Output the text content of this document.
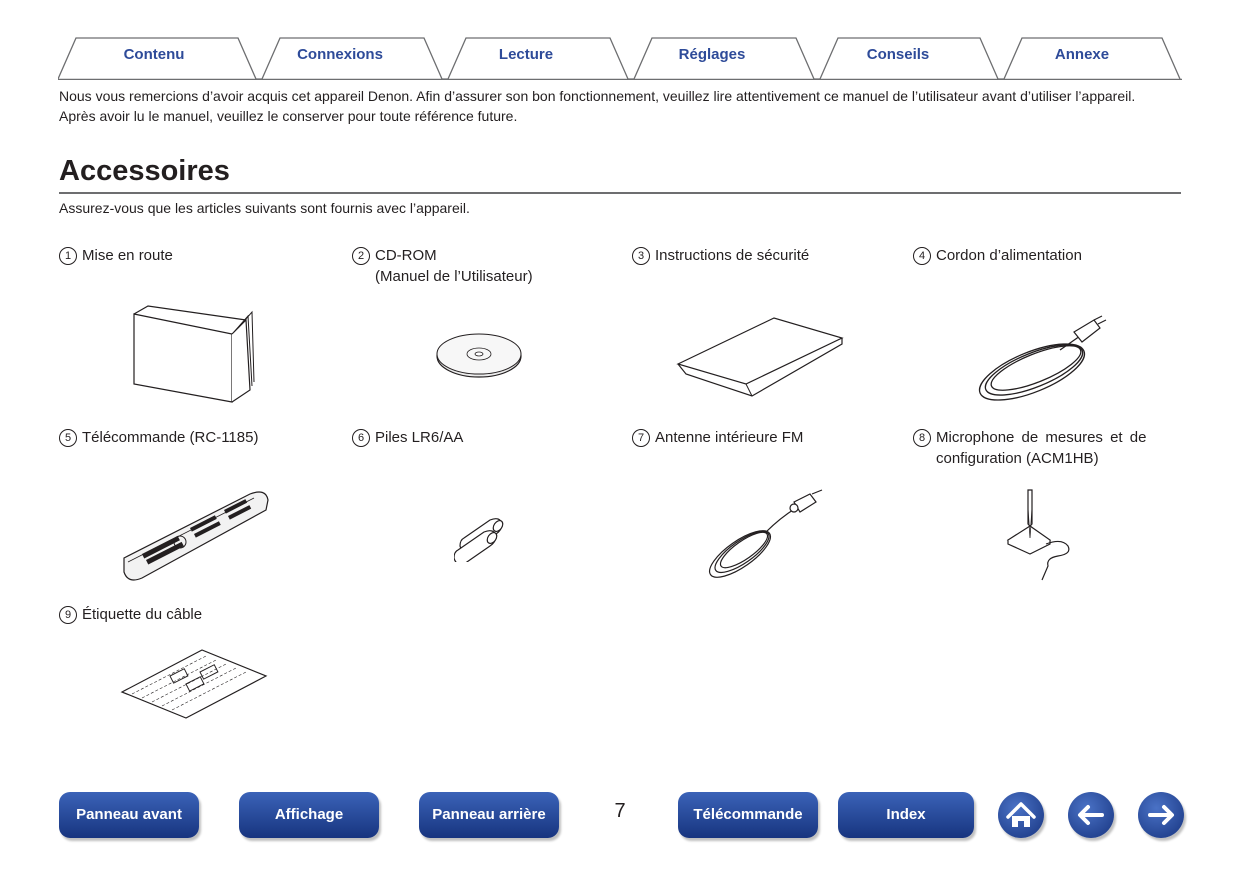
Contenu	Connexions	Lecture	Réglages	Conseils	Annexe

Nous vous remercions d’avoir acquis cet appareil Denon. Afin d’assurer son bon fonctionnement, veuillez lire attentivement ce manuel de l’utilisateur avant d’utiliser l’appareil.

Après avoir lu le manuel, veuillez le conserver pour toute référence future.

Accessoires
Assurez-vous que les articles suivants sont fournis avec l’appareil.
1 Mise en route	2 CD-ROM
(Manuel de l’Utilisateur)
3 Instructions de sécurité	4 Cordon d’alimentation
5 Télécommande (RC-1185)	6 Piles LR6/AA	7 Antenne intérieure FM	8 Microphone de mesures et de
configuration (ACM1HB)
9 Étiquette du câble
Panneau avant	Affichage	Panneau arrière	7	Télécommande	Index
